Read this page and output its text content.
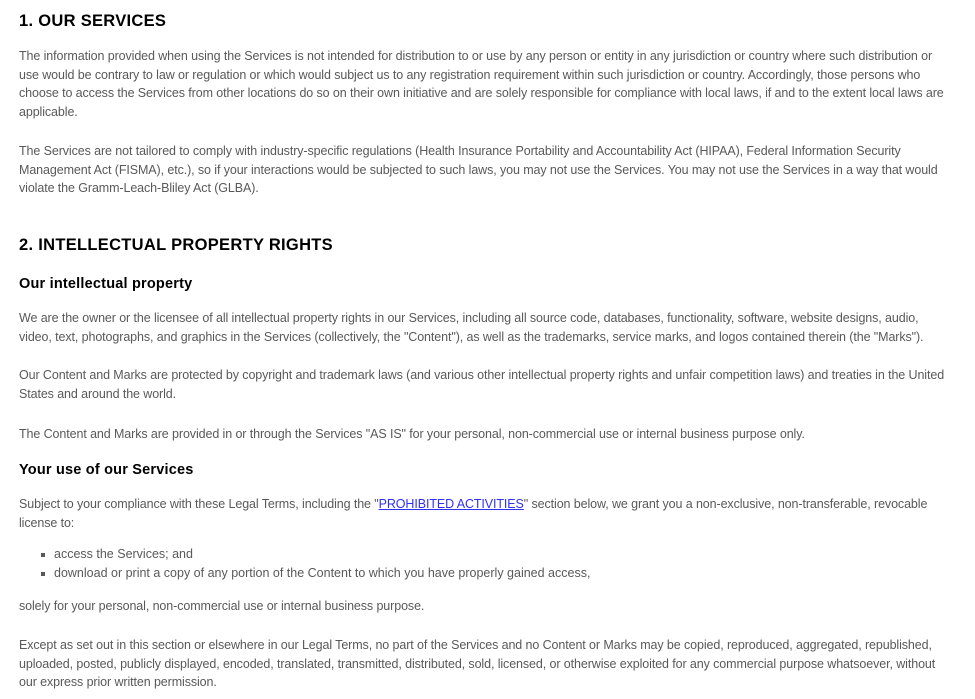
1. OUR SERVICES

The information provided when using the Services is not intended for distribution to or use by any person or entity in any jurisdiction or country where such distribution or use would be contrary to law or regulation or which would subject us to any registration requirement within such jurisdiction or country. Accordingly, those persons who choose to access the Services from other locations do so on their own initiative and are solely responsible for compliance with local laws, if and to the extent local laws are applicable.

The Services are not tailored to comply with industry-specific regulations (Health Insurance Portability and Accountability Act (HIPAA), Federal Information Security Management Act (FISMA), etc.), so if your interactions would be subjected to such laws, you may not use the Services. You may not use the Services in a way that would violate the Gramm-Leach-Bliley Act (GLBA).

2. INTELLECTUAL PROPERTY RIGHTS
Our intellectual property

We are the owner or the licensee of all intellectual property rights in our Services, including all source code, databases, functionality, software, website designs, audio, video, text, photographs, and graphics in the Services (collectively, the "Content"), as well as the trademarks, service marks, and logos contained therein (the "Marks").

Our Content and Marks are protected by copyright and trademark laws (and various other intellectual property rights and unfair competition laws) and treaties in the United States and around the world.

The Content and Marks are provided in or through the Services "AS IS" for your personal, non-commercial use or internal business purpose only.

Your use of our Services

Subject to your compliance with these Legal Terms, including the "PROHIBITED ACTIVITIES" section below, we grant you a non-exclusive, non-transferable, revocable license to:

access the Services; and
download or print a copy of any portion of the Content to which you have properly gained access,

solely for your personal, non-commercial use or internal business purpose.

Except as set out in this section or elsewhere in our Legal Terms, no part of the Services and no Content or Marks may be copied, reproduced, aggregated, republished, uploaded, posted, publicly displayed, encoded, translated, transmitted, distributed, sold, licensed, or otherwise exploited for any commercial purpose whatsoever, without our express prior written permission.
